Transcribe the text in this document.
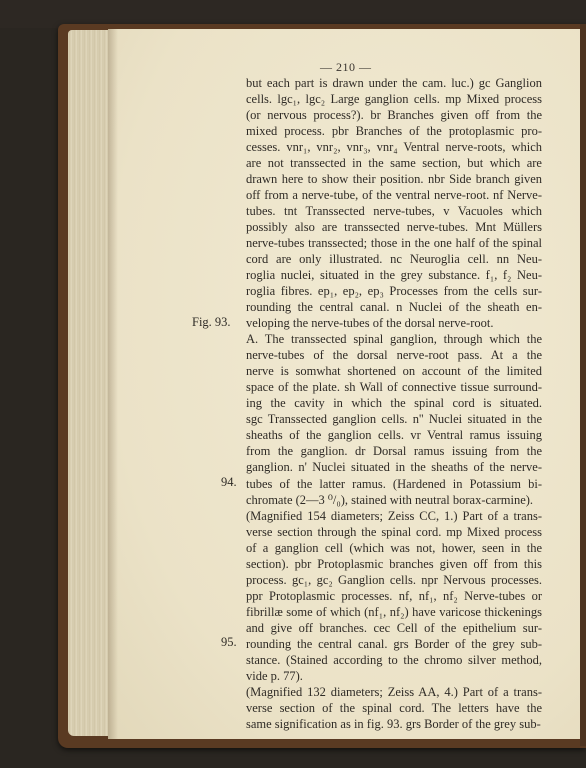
— 210 —
Fig. 93.
94.
95.
but each part is drawn under the cam. luc.) gc Ganglion
cells. lgc₁, lgc₂ Large ganglion cells. mp Mixed process
(or nervous process?). br Branches given off from the
mixed process. pbr Branches of the protoplasmic pro-
cesses. vnr₁, vnr₂, vnr₃, vnr₄ Ventral nerve-roots, which
are not transsected in the same section, but which are
drawn here to show their position. nbr Side branch given
off from a nerve-tube, of the ventral nerve-root. nf Nerve-
tubes. tnt Transsected nerve-tubes, v Vacuoles which
possibly also are transsected nerve-tubes. Mnt Müllers
nerve-tubes transsected; those in the one half of the spinal
cord are only illustrated. nc Neuroglia cell. nn Neu-
roglia nuclei, situated in the grey substance. f₁, f₂ Neu-
roglia fibres. ep₁, ep₂, ep₃ Processes from the cells sur-
rounding the central canal. n Nuclei of the sheath en-
veloping the nerve-tubes of the dorsal nerve-root.
A. The transsected spinal ganglion, through which the
nerve-tubes of the dorsal nerve-root pass. At a the
nerve is somwhat shortened on account of the limited
space of the plate. sh Wall of connective tissue surround-
ing the cavity in which the spinal cord is situated.
sgc Transsected ganglion cells. n'' Nuclei situated in the
sheaths of the ganglion cells. vr Ventral ramus issuing
from the ganglion. dr Dorsal ramus issuing from the
ganglion. n' Nuclei situated in the sheaths of the nerve-
tubes of the latter ramus. (Hardened in Potassium bi-
chromate (2—3 ⁰/₀), stained with neutral borax-carmine).
(Magnified 154 diameters; Zeiss CC, 1.) Part of a trans-
verse section through the spinal cord. mp Mixed process
of a ganglion cell (which was not, hower, seen in the
section). pbr Protoplasmic branches given off from this
process. gc₁, gc₂ Ganglion cells. npr Nervous processes.
ppr Protoplasmic processes. nf, nf₁, nf₂ Nerve-tubes or
fibrillæ some of which (nf₁, nf₂) have varicose thickenings
and give off branches. cec Cell of the epithelium sur-
rounding the central canal. grs Border of the grey sub-
stance. (Stained according to the chromo silver method,
vide p. 77).
(Magnified 132 diameters; Zeiss AA, 4.) Part of a trans-
verse section of the spinal cord. The letters have the
same signification as in fig. 93. grs Border of the grey sub-
